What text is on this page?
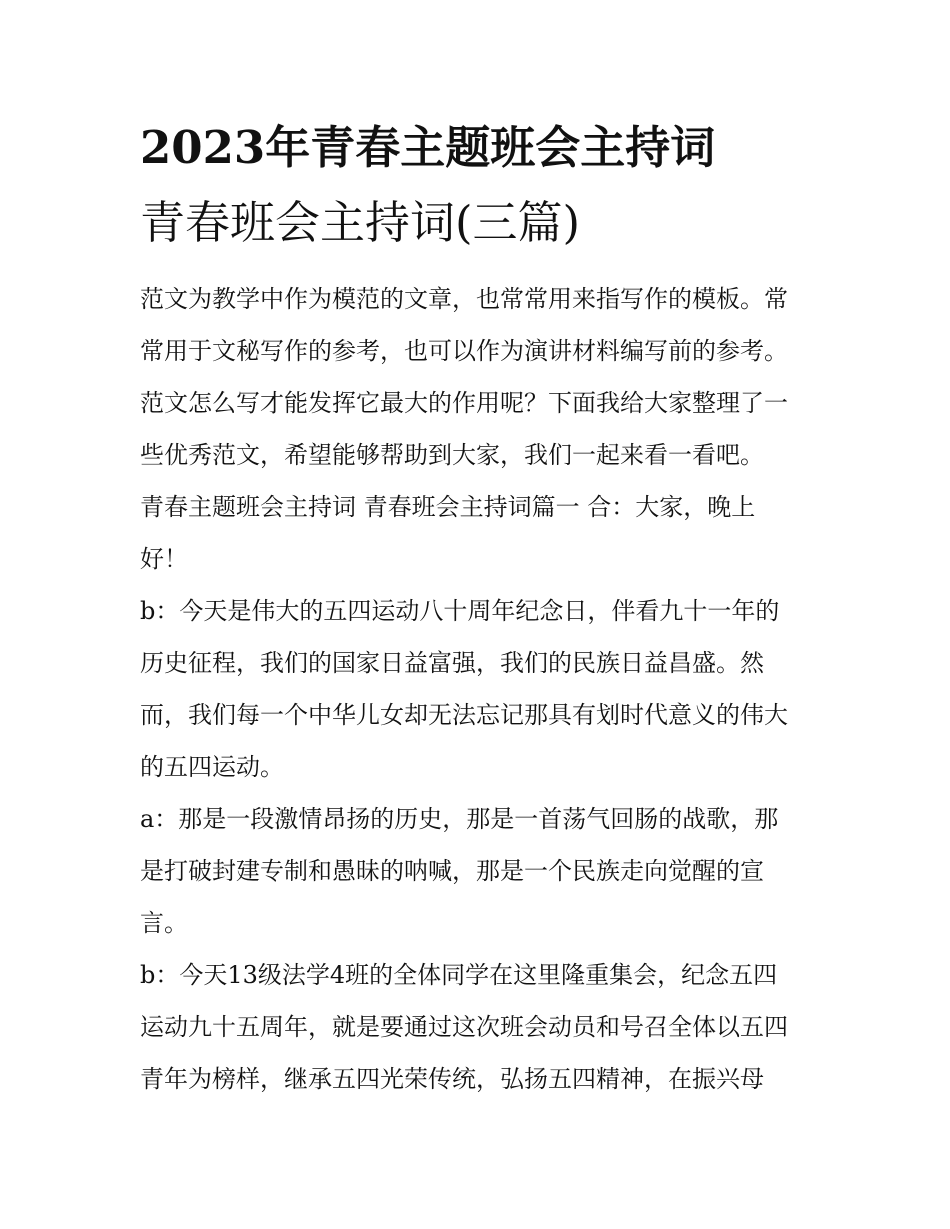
2023年青春主题班会主持词
青春班会主持词(三篇)
范文为教学中作为模范的文章，也常常用来指写作的模板。常
常用于文秘写作的参考，也可以作为演讲材料编写前的参考。
范文怎么写才能发挥它最大的作用呢？下面我给大家整理了一
些优秀范文，希望能够帮助到大家，我们一起来看一看吧。
青春主题班会主持词 青春班会主持词篇一 合：大家，晚上
好！
b：今天是伟大的五四运动八十周年纪念日，伴看九十一年的
历史征程，我们的国家日益富强，我们的民族日益昌盛。然
而，我们每一个中华儿女却无法忘记那具有划时代意义的伟大
的五四运动。
a：那是一段激情昂扬的历史，那是一首荡气回肠的战歌，那
是打破封建专制和愚昧的呐喊，那是一个民族走向觉醒的宣
言。
b：今天13级法学4班的全体同学在这里隆重集会，纪念五四
运动九十五周年，就是要通过这次班会动员和号召全体以五四
青年为榜样，继承五四光荣传统，弘扬五四精神，在振兴母
